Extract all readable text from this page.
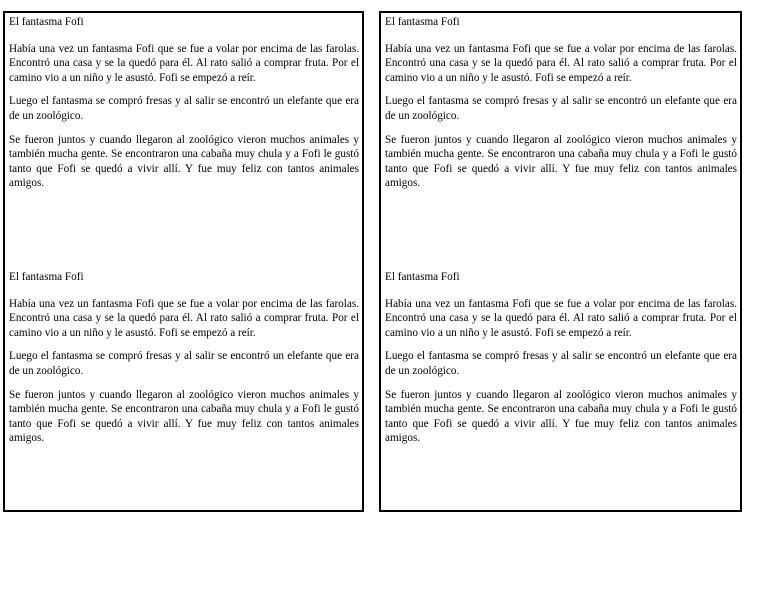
El fantasma Fofi

Había una vez un fantasma Fofi que se fue a volar por encima de las farolas. Encontró una casa y se la quedó para él. Al rato salió a comprar fruta. Por el camino vio a un niño y le asustó. Fofi se empezó a reír.

Luego el fantasma se compró fresas y al salir se encontró un elefante que era de un zoológico.

Se fueron juntos y cuando llegaron al zoológico vieron muchos animales y también mucha gente. Se encontraron una cabaña muy chula y a Fofi le gustó tanto que Fofi se quedó a vivir allí. Y fue muy feliz con tantos animales amigos.

El fantasma Fofi

Había una vez un fantasma Fofi que se fue a volar por encima de las farolas. Encontró una casa y se la quedó para él. Al rato salió a comprar fruta. Por el camino vio a un niño y le asustó. Fofi se empezó a reír.

Luego el fantasma se compró fresas y al salir se encontró un elefante que era de un zoológico.

Se fueron juntos y cuando llegaron al zoológico vieron muchos animales y también mucha gente. Se encontraron una cabaña muy chula y a Fofi le gustó tanto que Fofi se quedó a vivir allí. Y fue muy feliz con tantos animales amigos.

El fantasma Fofi

Había una vez un fantasma Fofi que se fue a volar por encima de las farolas. Encontró una casa y se la quedó para él. Al rato salió a comprar fruta. Por el camino vio a un niño y le asustó. Fofi se empezó a reír.

Luego el fantasma se compró fresas y al salir se encontró un elefante que era de un zoológico.

Se fueron juntos y cuando llegaron al zoológico vieron muchos animales y también mucha gente. Se encontraron una cabaña muy chula y a Fofi le gustó tanto que Fofi se quedó a vivir allí. Y fue muy feliz con tantos animales amigos.

El fantasma Fofi

Había una vez un fantasma Fofi que se fue a volar por encima de las farolas. Encontró una casa y se la quedó para él. Al rato salió a comprar fruta. Por el camino vio a un niño y le asustó. Fofi se empezó a reír.

Luego el fantasma se compró fresas y al salir se encontró un elefante que era de un zoológico.

Se fueron juntos y cuando llegaron al zoológico vieron muchos animales y también mucha gente. Se encontraron una cabaña muy chula y a Fofi le gustó tanto que Fofi se quedó a vivir allí. Y fue muy feliz con tantos animales amigos.
